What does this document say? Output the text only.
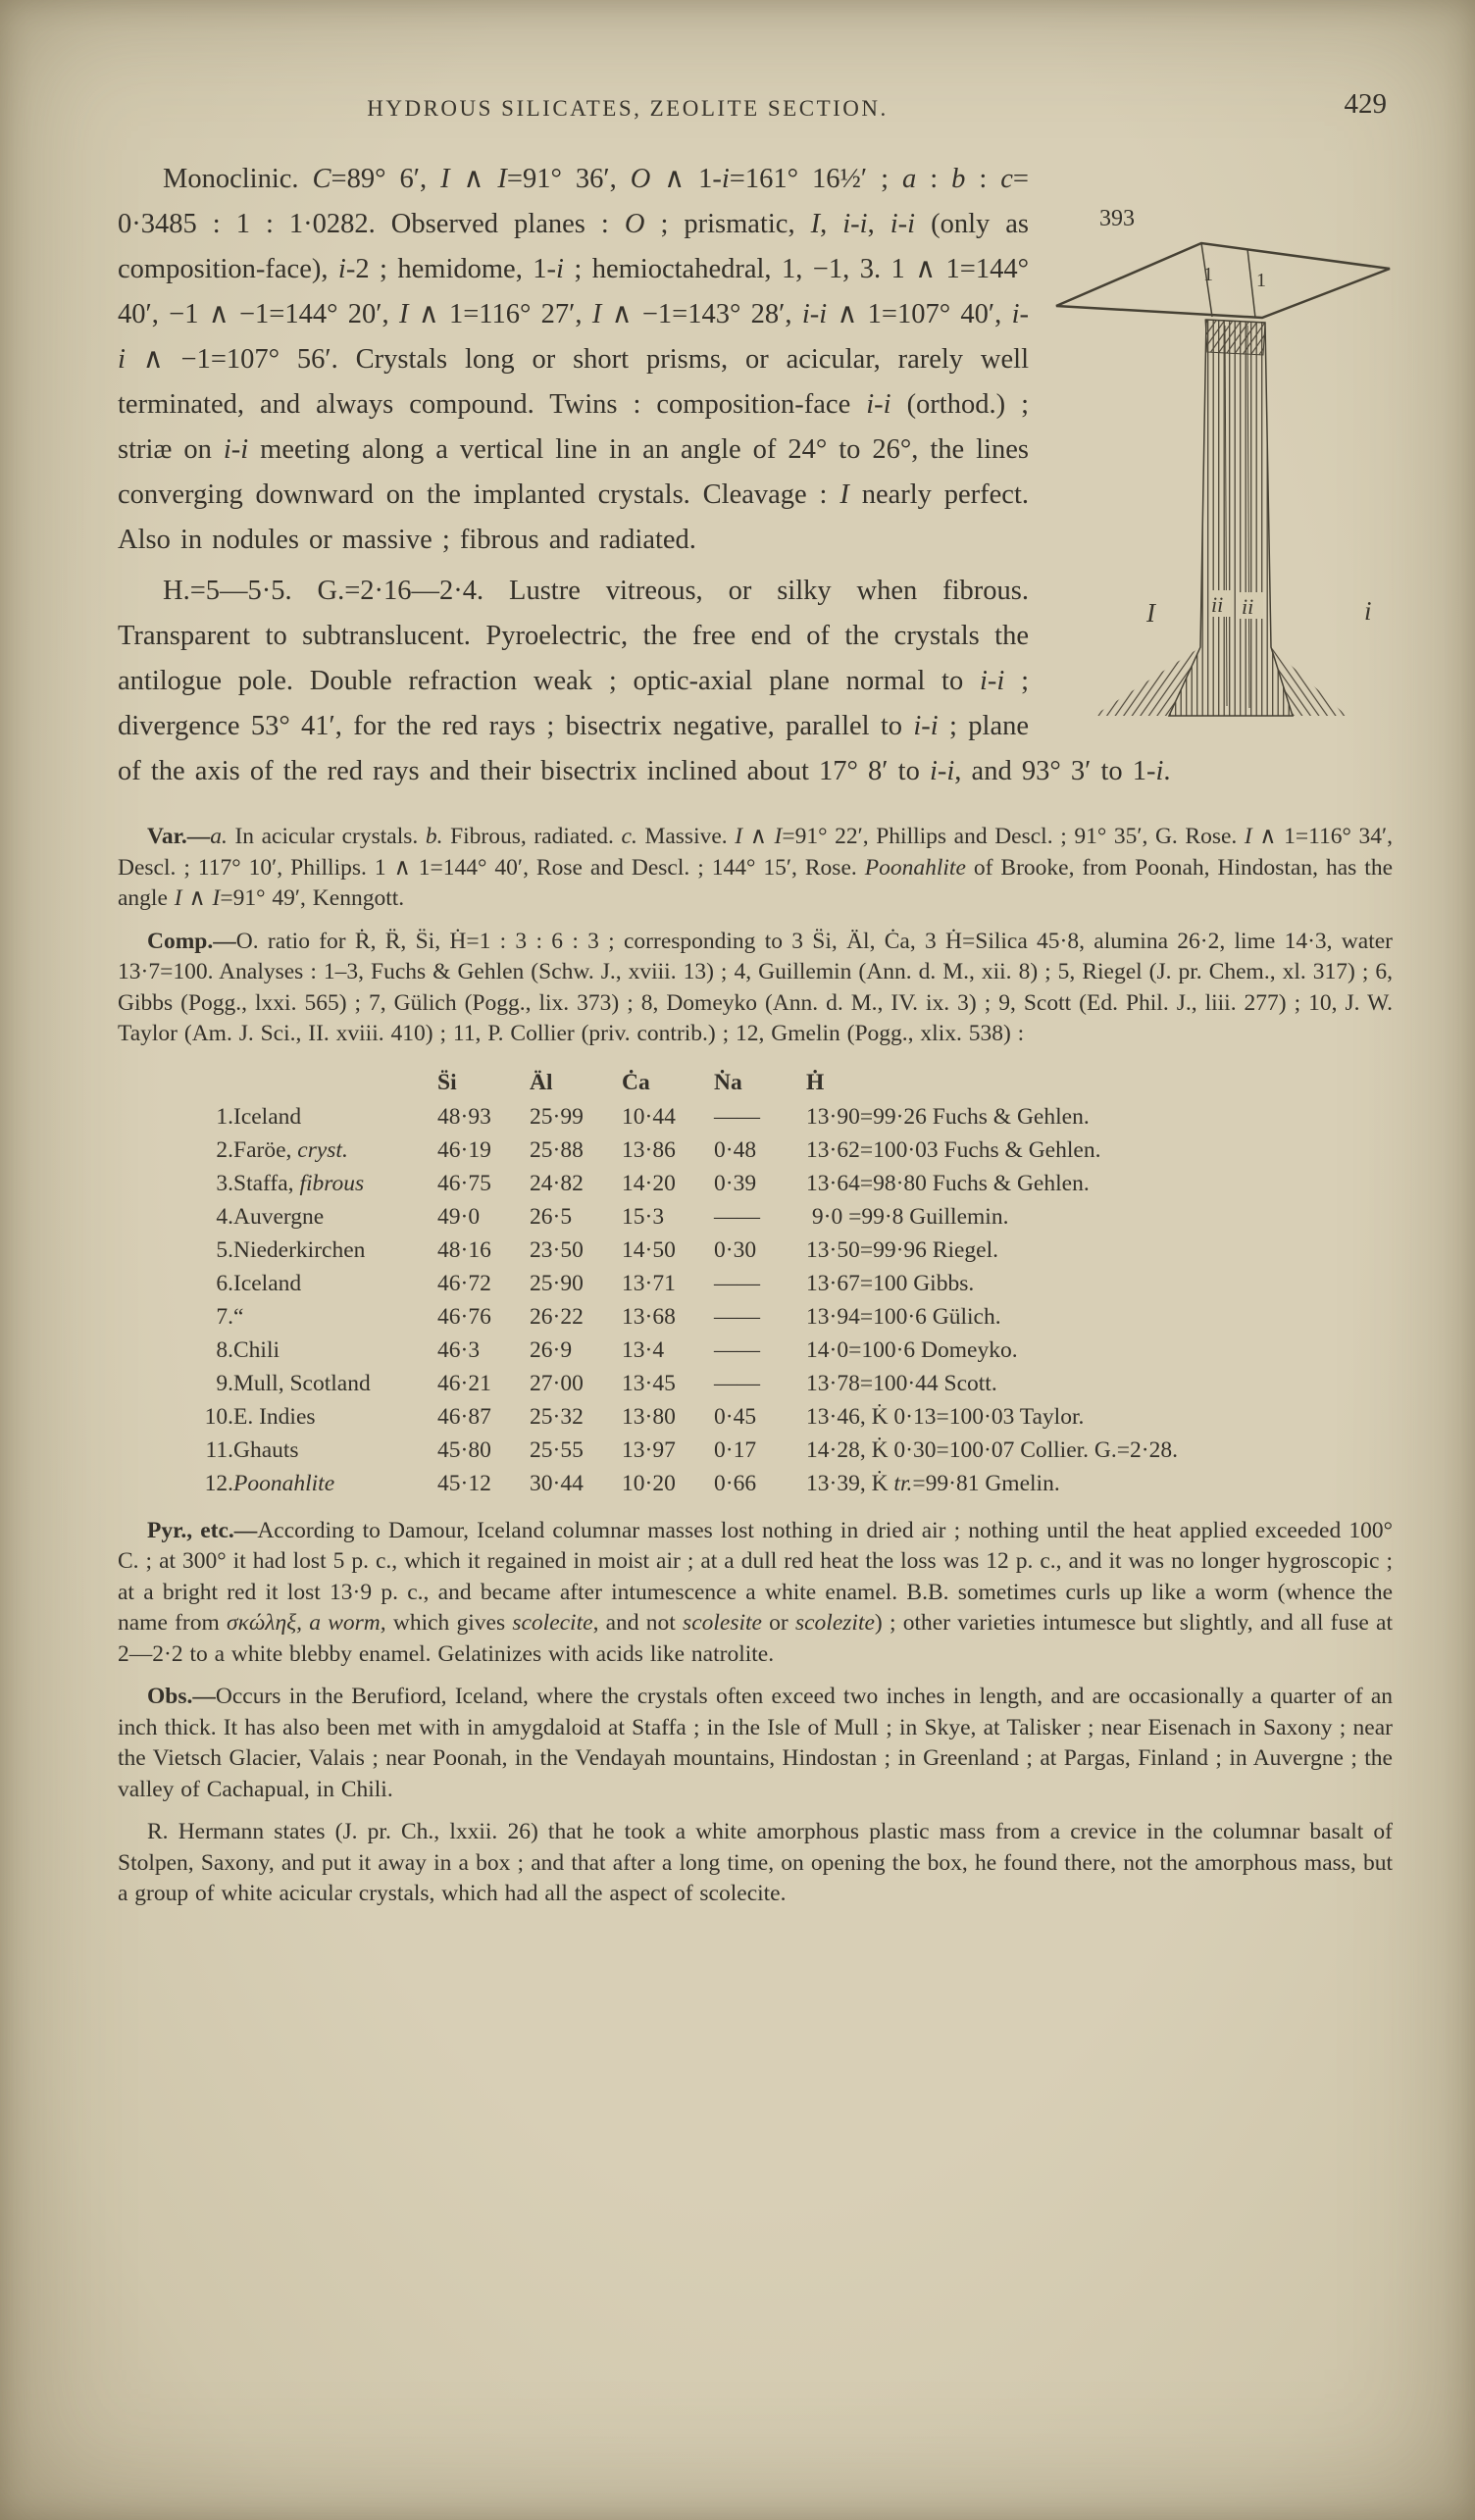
HYDROUS SILICATES, ZEOLITE SECTION.	429
393
1 1
I	ii ii	i

Monoclinic. C=89° 6′, I ∧ I=91° 36′, O ∧ 1-i=161° 16½′ ; a : b : c= 0·3485 : 1 : 1·0282. Observed planes : O ; prismatic, I, i-i, i-i (only as composition-face), i-2 ; hemidome, 1-i ; hemioctahedral, 1, −1, 3. 1 ∧ 1=144° 40′, −1 ∧ −1=144° 20′, I ∧ 1=116° 27′, I ∧ −1=143° 28′, i-i ∧ 1=107° 40′, i-i ∧ −1=107° 56′. Crystals long or short prisms, or acicular, rarely well terminated, and always compound. Twins : composition-face i-i (orthod.) ; striæ on i-i meeting along a vertical line in an angle of 24° to 26°, the lines converging downward on the implanted crystals. Cleavage : I nearly perfect. Also in nodules or massive ; fibrous and radiated.

H.=5—5·5. G.=2·16—2·4. Lustre vitreous, or silky when fibrous. Transparent to subtranslucent. Pyroelectric, the free end of the crystals the antilogue pole. Double refraction weak ; optic-axial plane normal to i-i ; divergence 53° 41′, for the red rays ; bisectrix negative, parallel to i-i ; plane of the axis of the red rays and their bisectrix inclined about 17° 8′ to i-i, and 93° 3′ to 1-i.

Var.—a. In acicular crystals. b. Fibrous, radiated. c. Massive. I ∧ I=91° 22′, Phillips and Descl. ; 91° 35′, G. Rose. I ∧ 1=116° 34′, Descl. ; 117° 10′, Phillips. 1 ∧ 1=144° 40′, Rose and Descl. ; 144° 15′, Rose. Poonahlite of Brooke, from Poonah, Hindostan, has the angle I ∧ I=91° 49′, Kenngott.

Comp.—O. ratio for Ṙ, R̈, S̈i, Ḣ=1 : 3 : 6 : 3 ; corresponding to 3 S̈i, Äl, Ċa, 3 Ḣ=Silica 45·8, alumina 26·2, lime 14·3, water 13·7=100. Analyses : 1–3, Fuchs & Gehlen (Schw. J., xviii. 13) ; 4, Guillemin (Ann. d. M., xii. 8) ; 5, Riegel (J. pr. Chem., xl. 317) ; 6, Gibbs (Pogg., lxxi. 565) ; 7, Gülich (Pogg., lix. 373) ; 8, Domeyko (Ann. d. M., IV. ix. 3) ; 9, Scott (Ed. Phil. J., liii. 277) ; 10, J. W. Taylor (Am. J. Sci., II. xviii. 410) ; 11, P. Collier (priv. contrib.) ; 12, Gmelin (Pogg., xlix. 538) :

		S̈i	Äl	Ċa	Ṅa	Ḣ
1.	Iceland	48·93	25·99	10·44	——	13·90=99·26 Fuchs & Gehlen.
2.	Faröe, cryst.	46·19	25·88	13·86	0·48	13·62=100·03 Fuchs & Gehlen.
3.	Staffa, fibrous	46·75	24·82	14·20	0·39	13·64=98·80 Fuchs & Gehlen.
4.	Auvergne	49·0	26·5	15·3	——	9·0 =99·8 Guillemin.
5.	Niederkirchen	48·16	23·50	14·50	0·30	13·50=99·96 Riegel.
6.	Iceland	46·72	25·90	13·71	——	13·67=100 Gibbs.
7.	“	46·76	26·22	13·68	——	13·94=100·6 Gülich.
8.	Chili	46·3	26·9	13·4	——	14·0=100·6 Domeyko.
9.	Mull, Scotland	46·21	27·00	13·45	——	13·78=100·44 Scott.
10.	E. Indies	46·87	25·32	13·80	0·45	13·46, K̇ 0·13=100·03 Taylor.
11.	Ghauts	45·80	25·55	13·97	0·17	14·28, K̇ 0·30=100·07 Collier. G.=2·28.
12.	Poonahlite	45·12	30·44	10·20	0·66	13·39, K̇ tr.=99·81 Gmelin.

Pyr., etc.—According to Damour, Iceland columnar masses lost nothing in dried air ; nothing until the heat applied exceeded 100° C. ; at 300° it had lost 5 p. c., which it regained in moist air ; at a dull red heat the loss was 12 p. c., and it was no longer hygroscopic ; at a bright red it lost 13·9 p. c., and became after intumescence a white enamel. B.B. sometimes curls up like a worm (whence the name from σκώληξ, a worm, which gives scolecite, and not scolesite or scolezite) ; other varieties intumesce but slightly, and all fuse at 2—2·2 to a white blebby enamel. Gelatinizes with acids like natrolite.

Obs.—Occurs in the Berufiord, Iceland, where the crystals often exceed two inches in length, and are occasionally a quarter of an inch thick. It has also been met with in amygdaloid at Staffa ; in the Isle of Mull ; in Skye, at Talisker ; near Eisenach in Saxony ; near the Vietsch Glacier, Valais ; near Poonah, in the Vendayah mountains, Hindostan ; in Greenland ; at Pargas, Finland ; in Auvergne ; the valley of Cachapual, in Chili.

R. Hermann states (J. pr. Ch., lxxii. 26) that he took a white amorphous plastic mass from a crevice in the columnar basalt of Stolpen, Saxony, and put it away in a box ; and that after a long time, on opening the box, he found there, not the amorphous mass, but a group of white acicular crystals, which had all the aspect of scolecite.
